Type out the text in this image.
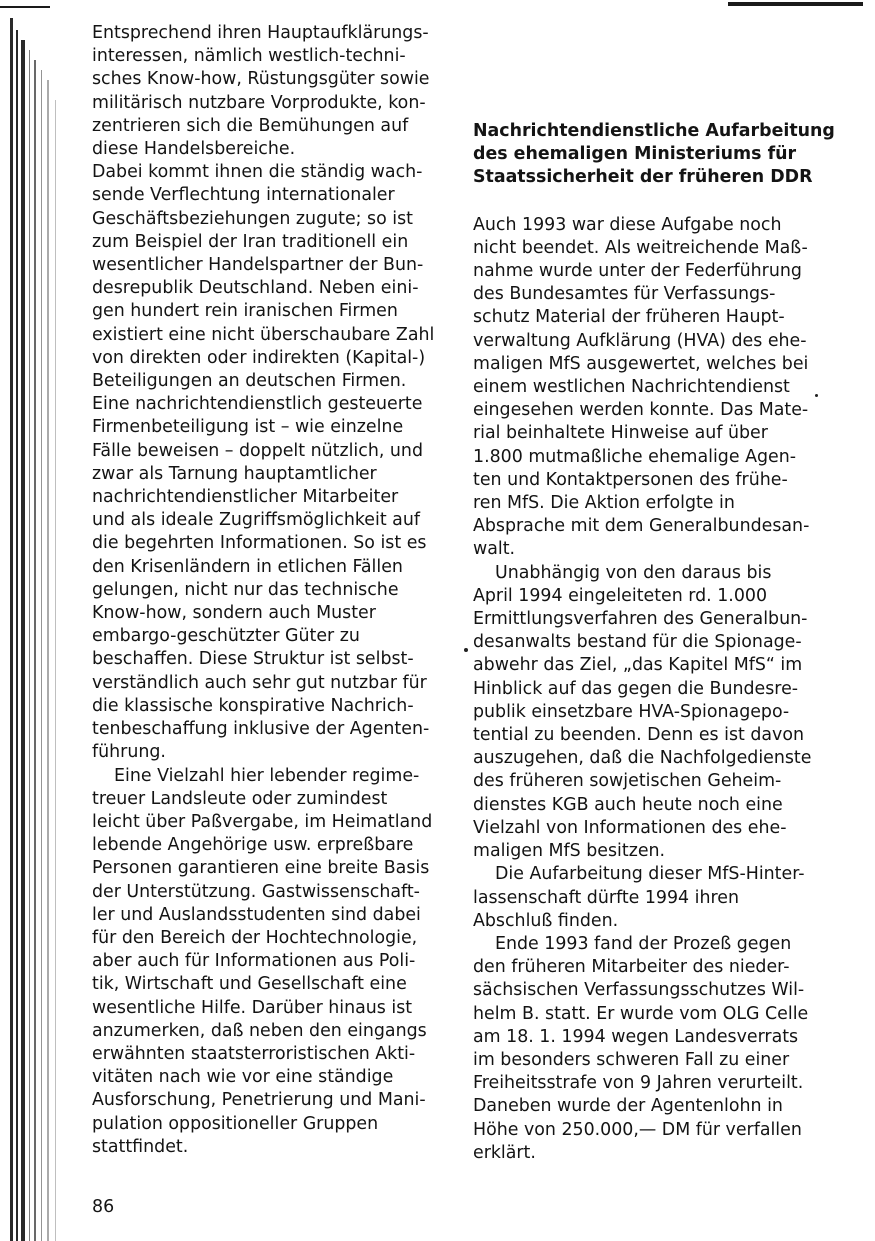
Entsprechend ihren Hauptaufklärungs-
interessen, nämlich westlich-techni-
sches Know-how, Rüstungsgüter sowie
militärisch nutzbare Vorprodukte, kon-
zentrieren sich die Bemühungen auf
diese Handelsbereiche.

Dabei kommt ihnen die ständig wach-
sende Verflechtung internationaler
Geschäftsbeziehungen zugute; so ist
zum Beispiel der Iran traditionell ein
wesentlicher Handelspartner der Bun-
desrepublik Deutschland. Neben eini-
gen hundert rein iranischen Firmen
existiert eine nicht überschaubare Zahl
von direkten oder indirekten (Kapital-)
Beteiligungen an deutschen Firmen.
Eine nachrichtendienstlich gesteuerte
Firmenbeteiligung ist – wie einzelne
Fälle beweisen – doppelt nützlich, und
zwar als Tarnung hauptamtlicher
nachrichtendienstlicher Mitarbeiter
und als ideale Zugriffsmöglichkeit auf
die begehrten Informationen. So ist es
den Krisenländern in etlichen Fällen
gelungen, nicht nur das technische
Know-how, sondern auch Muster
embargo-geschützter Güter zu
beschaffen. Diese Struktur ist selbst-
verständlich auch sehr gut nutzbar für
die klassische konspirative Nachrich-
tenbeschaffung inklusive der Agenten-
führung.

Eine Vielzahl hier lebender regime-
treuer Landsleute oder zumindest
leicht über Paßvergabe, im Heimatland
lebende Angehörige usw. erpreßbare
Personen garantieren eine breite Basis
der Unterstützung. Gastwissenschaft-
ler und Auslandsstudenten sind dabei
für den Bereich der Hochtechnologie,
aber auch für Informationen aus Poli-
tik, Wirtschaft und Gesellschaft eine
wesentliche Hilfe. Darüber hinaus ist
anzumerken, daß neben den eingangs
erwähnten staatsterroristischen Akti-
vitäten nach wie vor eine ständige
Ausforschung, Penetrierung und Mani-
pulation oppositioneller Gruppen
stattfindet.

Nachrichtendienstliche Aufarbeitung
des ehemaligen Ministeriums für
Staatssicherheit der früheren DDR

Auch 1993 war diese Aufgabe noch
nicht beendet. Als weitreichende Maß-
nahme wurde unter der Federführung
des Bundesamtes für Verfassungs-
schutz Material der früheren Haupt-
verwaltung Aufklärung (HVA) des ehe-
maligen MfS ausgewertet, welches bei
einem westlichen Nachrichtendienst
eingesehen werden konnte. Das Mate-
rial beinhaltete Hinweise auf über
1.800 mutmaßliche ehemalige Agen-
ten und Kontaktpersonen des frühe-
ren MfS. Die Aktion erfolgte in
Absprache mit dem Generalbundesan-
walt.

Unabhängig von den daraus bis
April 1994 eingeleiteten rd. 1.000
Ermittlungsverfahren des Generalbun-
desanwalts bestand für die Spionage-
abwehr das Ziel, „das Kapitel MfS“ im
Hinblick auf das gegen die Bundesre-
publik einsetzbare HVA-Spionagepo-
tential zu beenden. Denn es ist davon
auszugehen, daß die Nachfolgedienste
des früheren sowjetischen Geheim-
dienstes KGB auch heute noch eine
Vielzahl von Informationen des ehe-
maligen MfS besitzen.

Die Aufarbeitung dieser MfS-Hinter-
lassenschaft dürfte 1994 ihren
Abschluß finden.

Ende 1993 fand der Prozeß gegen
den früheren Mitarbeiter des nieder-
sächsischen Verfassungsschutzes Wil-
helm B. statt. Er wurde vom OLG Celle
am 18. 1. 1994 wegen Landesverrats
im besonders schweren Fall zu einer
Freiheitsstrafe von 9 Jahren verurteilt.
Daneben wurde der Agentenlohn in
Höhe von 250.000,— DM für verfallen
erklärt.

86
